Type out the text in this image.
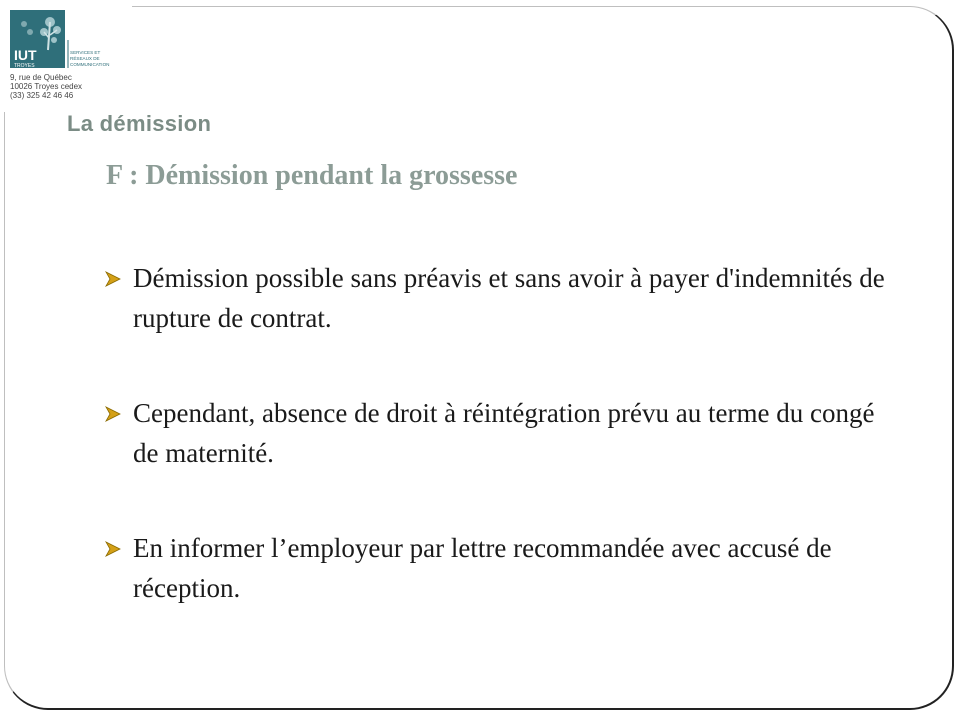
IUT
TROYES
SERVICES ET
RÉSEAUX DE
COMMUNICATION
9, rue de Québec
10026 Troyes cedex
(33) 325 42 46 46
La démission
F : Démission pendant la grossesse
Démission possible sans préavis et sans avoir à payer d'indemnités de rupture de contrat.
Cependant, absence de droit à réintégration prévu au terme du congé de maternité.
En informer l’employeur par lettre recommandée avec accusé de réception.
